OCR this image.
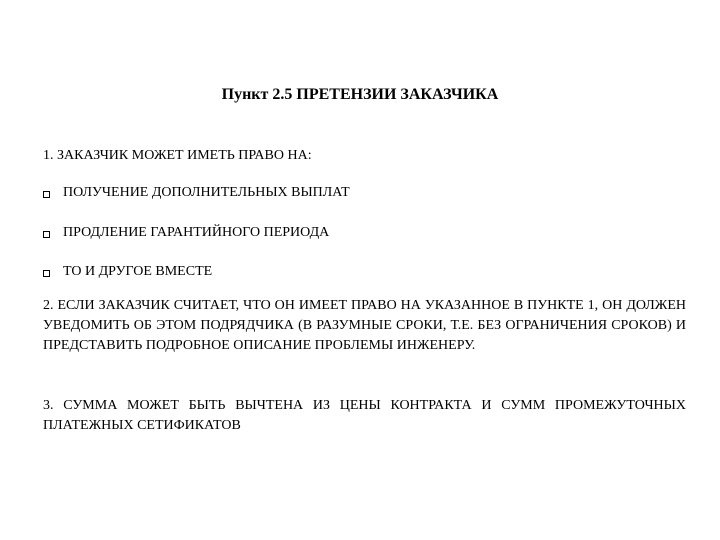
Пункт 2.5 ПРЕТЕНЗИИ ЗАКАЗЧИКА
1. ЗАКАЗЧИК МОЖЕТ ИМЕТЬ ПРАВО НА:
ПОЛУЧЕНИЕ ДОПОЛНИТЕЛЬНЫХ ВЫПЛАТ
ПРОДЛЕНИЕ ГАРАНТИЙНОГО ПЕРИОДА
ТО И ДРУГОЕ ВМЕСТЕ
2. ЕСЛИ ЗАКАЗЧИК СЧИТАЕТ, ЧТО ОН ИМЕЕТ ПРАВО НА УКАЗАННОЕ В ПУНКТЕ 1, ОН ДОЛЖЕН УВЕДОМИТЬ ОБ ЭТОМ ПОДРЯДЧИКА (В РАЗУМНЫЕ СРОКИ, Т.Е. БЕЗ ОГРАНИЧЕНИЯ СРОКОВ) И ПРЕДСТАВИТЬ ПОДРОБНОЕ ОПИСАНИЕ ПРОБЛЕМЫ ИНЖЕНЕРУ.
3. СУММА МОЖЕТ БЫТЬ ВЫЧТЕНА ИЗ ЦЕНЫ КОНТРАКТА И СУММ ПРОМЕЖУТОЧНЫХ ПЛАТЕЖНЫХ СЕТИФИКАТОВ
